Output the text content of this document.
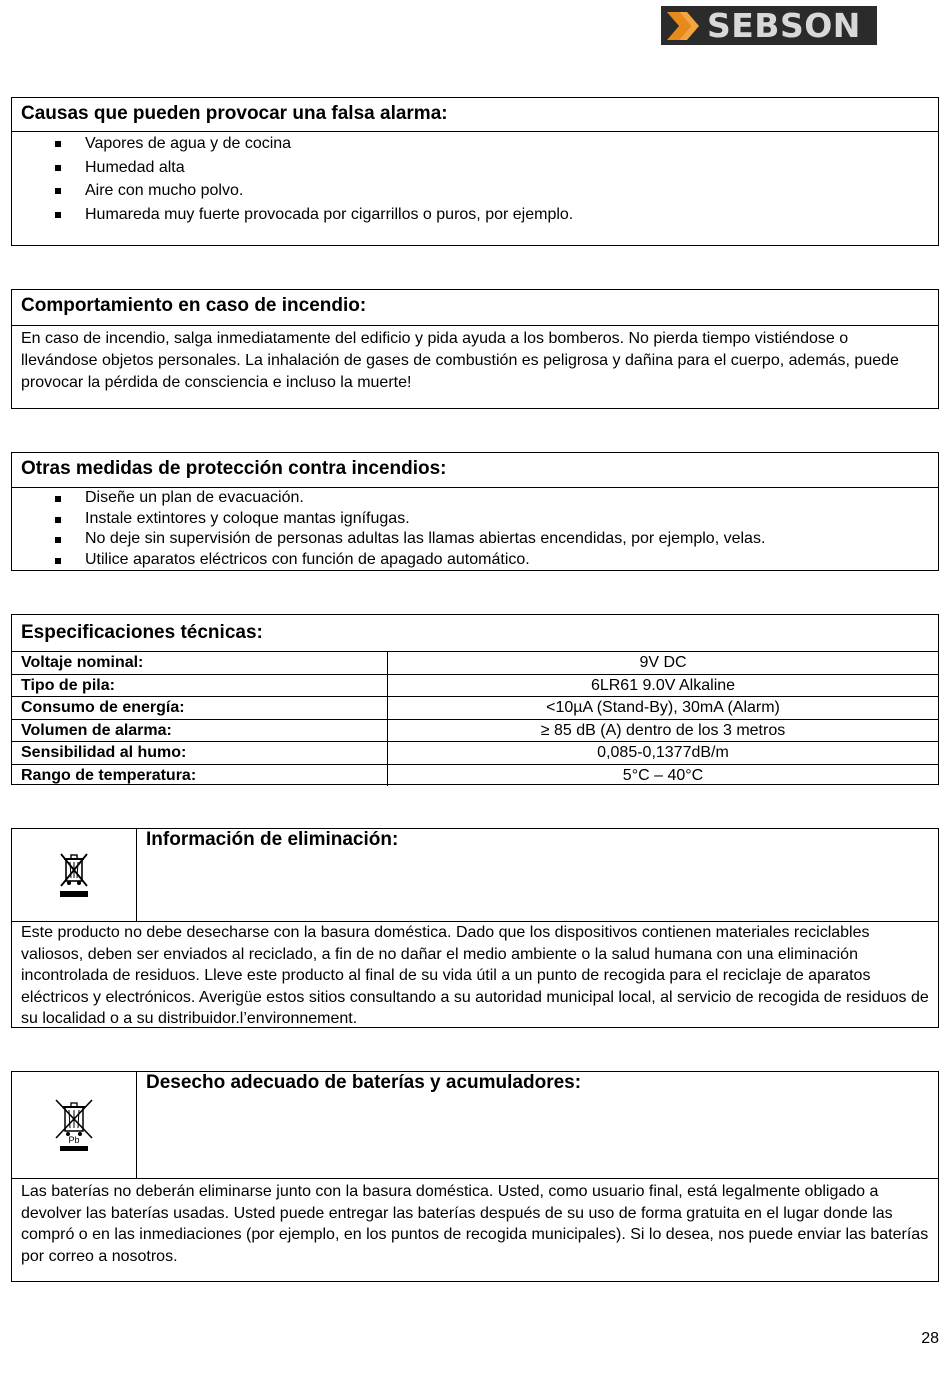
SEBSON
Causas que pueden provocar una falsa alarma:
Vapores de agua y de cocina
Humedad alta
Aire con mucho polvo.
Humareda muy fuerte provocada por cigarrillos o puros, por ejemplo.
Comportamiento en caso de incendio:
En caso de incendio, salga inmediatamente del edificio y pida ayuda a los bomberos. No pierda tiempo vistiéndose o llevándose objetos personales. La inhalación de gases de combustión es peligrosa y dañina para el cuerpo, además, puede provocar la pérdida de consciencia e incluso la muerte!
Otras medidas de protección contra incendios:
Diseñe un plan de evacuación.
Instale extintores y coloque mantas ignífugas.
No deje sin supervisión de personas adultas las llamas abiertas encendidas, por ejemplo, velas.
Utilice aparatos eléctricos con función de apagado automático.
Especificaciones técnicas:
Voltaje nominal:	9V DC
Tipo de pila:	6LR61 9.0V Alkaline
Consumo de energía:	<10µA (Stand-By), 30mA (Alarm)
Volumen de alarma:	≥ 85 dB (A) dentro de los 3 metros
Sensibilidad al humo:	0,085-0,1377dB/m
Rango de temperatura:	5°C – 40°C
Información de eliminación:
Este producto no debe desecharse con la basura doméstica. Dado que los dispositivos contienen materiales reciclables valiosos, deben ser enviados al reciclado, a fin de no dañar el medio ambiente o la salud humana con una eliminación incontrolada de residuos. Lleve este producto al final de su vida útil a un punto de recogida para el reciclaje de aparatos eléctricos y electrónicos. Averigüe estos sitios consultando a su autoridad municipal local, al servicio de recogida de residuos de su localidad o a su distribuidor.l’environnement.
Pb
Desecho adecuado de baterías y acumuladores:
Las baterías no deberán eliminarse junto con la basura doméstica. Usted, como usuario final, está legalmente obligado a devolver las baterías usadas. Usted puede entregar las baterías después de su uso de forma gratuita en el lugar donde las compró o en las inmediaciones (por ejemplo, en los puntos de recogida municipales). Si lo desea, nos puede enviar las baterías por correo a nosotros.
28
